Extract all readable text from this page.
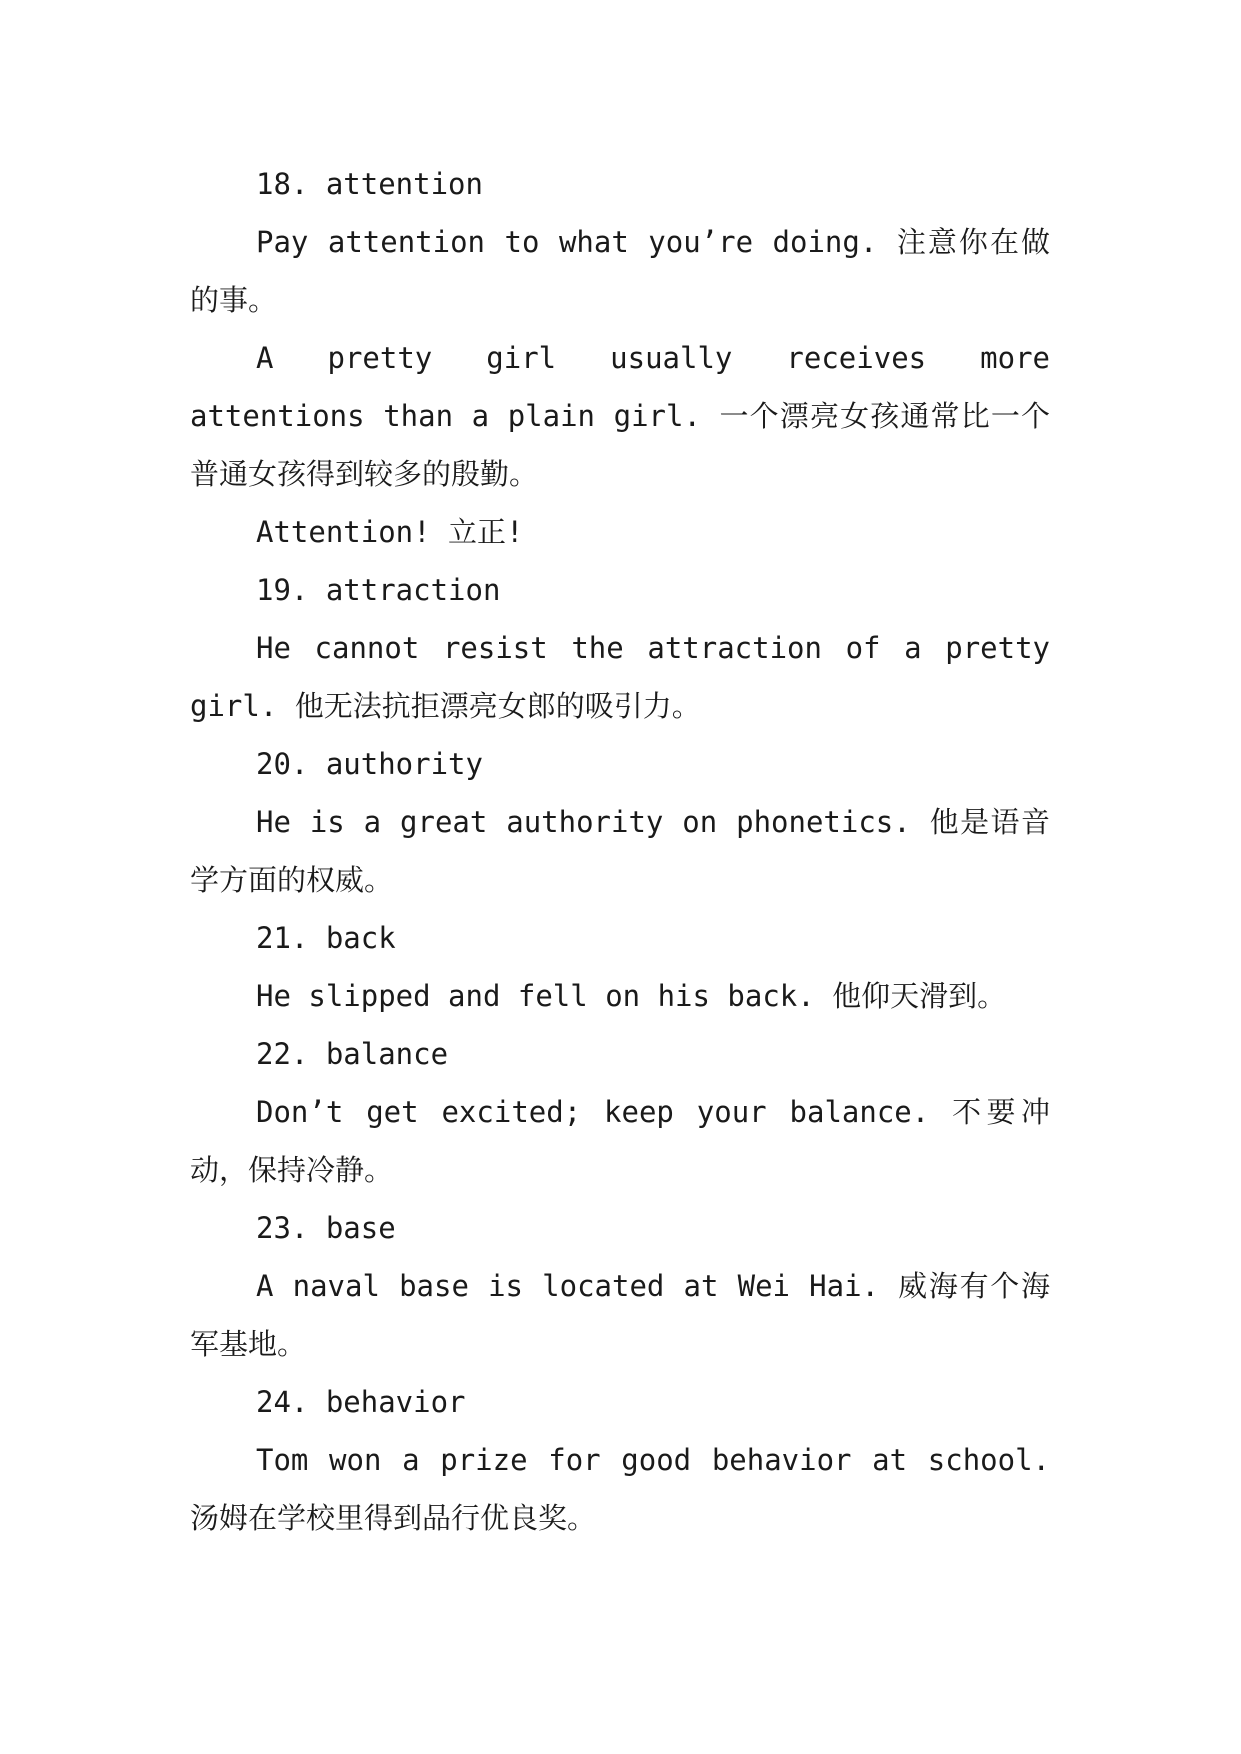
18. attention

Pay attention to what you’re doing. 注意你在做的事。

A pretty girl usually receives more attentions than a plain girl. 一个漂亮女孩通常比一个普通女孩得到较多的殷勤。

Attention! 立正!

19. attraction

He cannot resist the attraction of a pretty girl. 他无法抗拒漂亮女郎的吸引力。

20. authority

He is a great authority on phonetics. 他是语音学方面的权威。

21. back

He slipped and fell on his back. 他仰天滑到。

22. balance

Don’t get excited; keep your balance. 不要冲动，保持冷静。

23. base

A naval base is located at Wei Hai. 威海有个海军基地。

24. behavior

Tom won a prize for good behavior at school. 汤姆在学校里得到品行优良奖。
